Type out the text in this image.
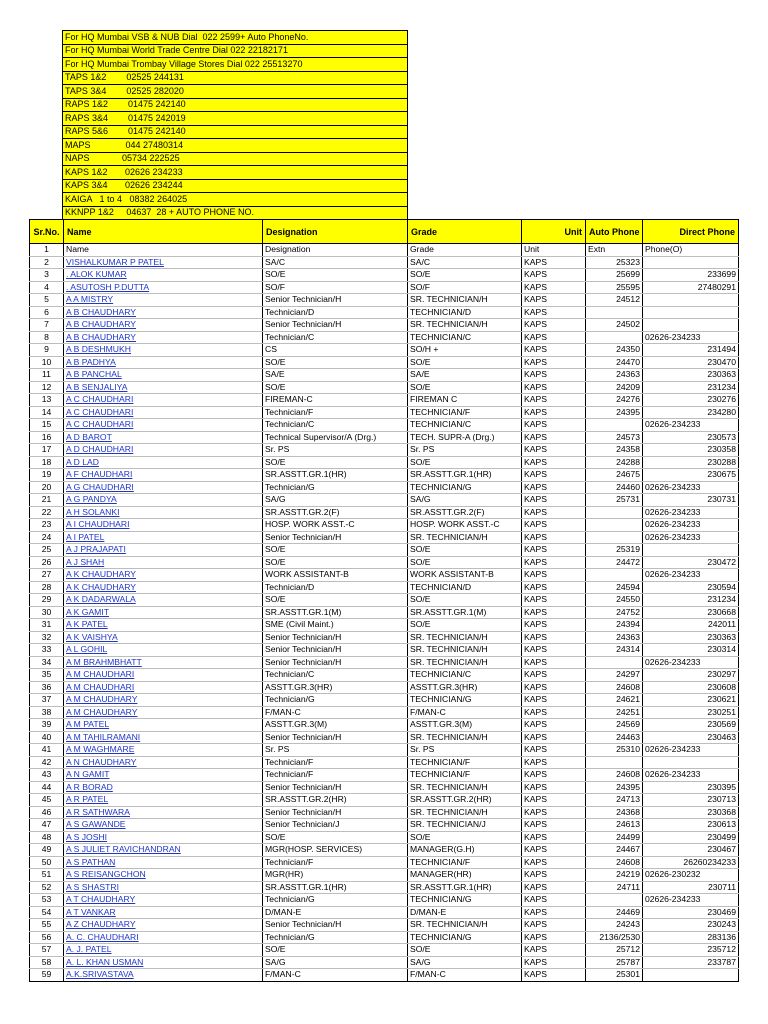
For HQ Mumbai VSB & NUB Dial  022 2599+ Auto PhoneNo.
For HQ Mumbai World Trade Centre Dial 022 22182171
For HQ Mumbai Trombay Village Stores Dial 022 25513270
TAPS 1&2        02525 244131
TAPS 3&4        02525 282020
RAPS 1&2        01475 242140
RAPS 3&4        01475 242019
RAPS 5&6        01475 242140
MAPS              044 27480314
NAPS             05734 222525
KAPS 1&2       02626 234233
KAPS 3&4       02626 234244
KAIGA   1 to 4   08382 264025
KKNPP 1&2     04637  28 + AUTO PHONE NO.
Sr.No.	Name	Designation	Grade	Unit	Auto Phone	Direct Phone
1	Name	Designation	Grade	Unit	Extn	Phone(O)

2	VISHALKUMAR P PATEL	SA/C	SA/C	KAPS	25323	

3	. ALOK KUMAR	SO/E	SO/E	KAPS	25699	233699

4	. ASUTOSH P.DUTTA	SO/F	SO/F	KAPS	25595	27480291

5	A A MISTRY	Senior Technician/H	SR. TECHNICIAN/H	KAPS	24512	

6	A B CHAUDHARY	Technician/D	TECHNICIAN/D	KAPS		

7	A B CHAUDHARY	Senior Technician/H	SR. TECHNICIAN/H	KAPS	24502	

8	A B CHAUDHARY	Technician/C	TECHNICIAN/C	KAPS		02626-234233

9	A B DESHMUKH	CS	SO/H +	KAPS	24350	231494

10	A B PADHYA	SO/E	SO/E	KAPS	24470	230470

11	A B PANCHAL	SA/E	SA/E	KAPS	24363	230363

12	A B SENJALIYA	SO/E	SO/E	KAPS	24209	231234

13	A C CHAUDHARI	FIREMAN-C	FIREMAN C	KAPS	24276	230276

14	A C CHAUDHARI	Technician/F	TECHNICIAN/F	KAPS	24395	234280

15	A C CHAUDHARI	Technician/C	TECHNICIAN/C	KAPS		02626-234233

16	A D BAROT	Technical Supervisor/A (Drg.)	TECH. SUPR-A (Drg.)	KAPS	24573	230573

17	A D CHAUDHARI	Sr. PS	Sr. PS	KAPS	24358	230358

18	A D LAD	SO/E	SO/E	KAPS	24288	230288

19	A F CHAUDHARI	SR.ASSTT.GR.1(HR)	SR.ASSTT.GR.1(HR)	KAPS	24675	230675

20	A G CHAUDHARI	Technician/G	TECHNICIAN/G	KAPS	24460	02626-234233

21	A G PANDYA	SA/G	SA/G	KAPS	25731	230731

22	A H SOLANKI	SR.ASSTT.GR.2(F)	SR.ASSTT.GR.2(F)	KAPS		02626-234233

23	A I CHAUDHARI	HOSP. WORK ASST.-C	HOSP. WORK ASST.-C	KAPS		02626-234233

24	A I PATEL	Senior Technician/H	SR. TECHNICIAN/H	KAPS		02626-234233

25	A J PRAJAPATI	SO/E	SO/E	KAPS	25319	

26	A J SHAH	SO/E	SO/E	KAPS	24472	230472

27	A K CHAUDHARY	WORK ASSISTANT-B	WORK ASSISTANT-B	KAPS		02626-234233

28	A K CHAUDHARY	Technician/D	TECHNICIAN/D	KAPS	24594	230594

29	A K DADARWALA	SO/E	SO/E	KAPS	24550	231234

30	A K GAMIT	SR.ASSTT.GR.1(M)	SR.ASSTT.GR.1(M)	KAPS	24752	230668

31	A K PATEL	SME (Civil Maint.)	SO/E	KAPS	24394	242011

32	A K VAISHYA	Senior Technician/H	SR. TECHNICIAN/H	KAPS	24363	230363

33	A L GOHIL	Senior Technician/H	SR. TECHNICIAN/H	KAPS	24314	230314

34	A M BRAHMBHATT	Senior Technician/H	SR. TECHNICIAN/H	KAPS		02626-234233

35	A M CHAUDHARI	Technician/C	TECHNICIAN/C	KAPS	24297	230297

36	A M CHAUDHARI	ASSTT.GR.3(HR)	ASSTT.GR.3(HR)	KAPS	24608	230608

37	A M CHAUDHARY	Technician/G	TECHNICIAN/G	KAPS	24621	230621

38	A M CHAUDHARY	F/MAN-C	F/MAN-C	KAPS	24251	230251

39	A M PATEL	ASSTT.GR.3(M)	ASSTT.GR.3(M)	KAPS	24569	230569

40	A M TAHILRAMANI	Senior Technician/H	SR. TECHNICIAN/H	KAPS	24463	230463

41	A M WAGHMARE	Sr. PS	Sr. PS	KAPS	25310	02626-234233

42	A N CHAUDHARY	Technician/F	TECHNICIAN/F	KAPS		

43	A N GAMIT	Technician/F	TECHNICIAN/F	KAPS	24608	02626-234233

44	A R BORAD	Senior Technician/H	SR. TECHNICIAN/H	KAPS	24395	230395

45	A R PATEL	SR.ASSTT.GR.2(HR)	SR.ASSTT.GR.2(HR)	KAPS	24713	230713

46	A R SATHWARA	Senior Technician/H	SR. TECHNICIAN/H	KAPS	24368	230368

47	A S GAWANDE	Senior Technician/J	SR. TECHNICIAN/J	KAPS	24613	230613

48	A S JOSHI	SO/E	SO/E	KAPS	24499	230499

49	A S JULIET RAVICHANDRAN	MGR(HOSP. SERVICES)	MANAGER(G.H)	KAPS	24467	230467

50	A S PATHAN	Technician/F	TECHNICIAN/F	KAPS	24608	26260234233

51	A S REISANGCHON	MGR(HR)	MANAGER(HR)	KAPS	24219	02626-230232

52	A S SHASTRI	SR.ASSTT.GR.1(HR)	SR.ASSTT.GR.1(HR)	KAPS	24711	230711

53	A T CHAUDHARY	Technician/G	TECHNICIAN/G	KAPS		02626-234233

54	A T VANKAR	D/MAN-E	D/MAN-E	KAPS	24469	230469

55	A Z CHAUDHARY	Senior Technician/H	SR. TECHNICIAN/H	KAPS	24243	230243

56	A. C. CHAUDHARI	Technician/G	TECHNICIAN/G	KAPS	2136/2530	283136

57	A. J. PATEL	SO/E	SO/E	KAPS	25712	235712

58	A. L. KHAN USMAN	SA/G	SA/G	KAPS	25787	233787

59	A.K.SRIVASTAVA	F/MAN-C	F/MAN-C	KAPS	25301	
